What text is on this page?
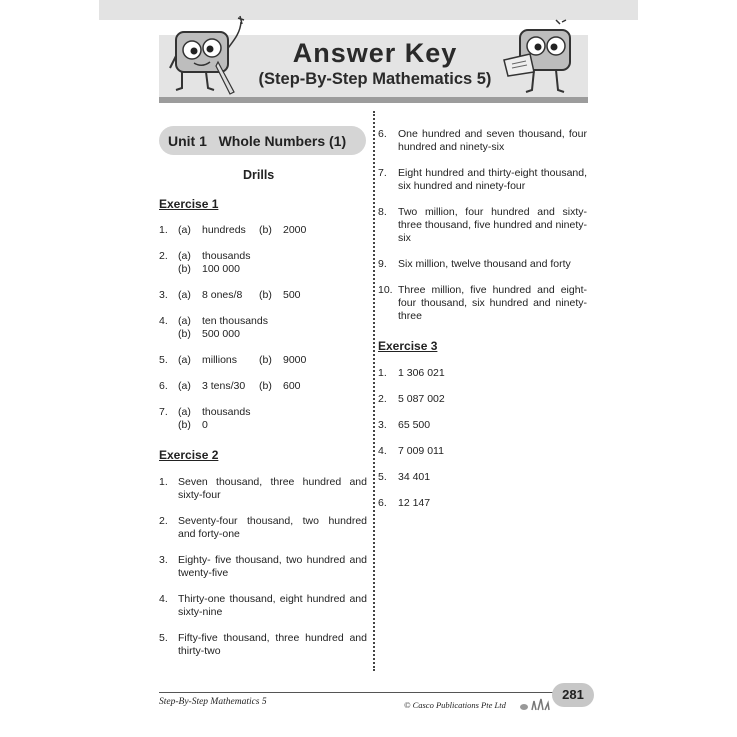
Answer Key
(Step-By-Step Mathematics 5)
Unit 1 Whole Numbers (1)
Drills
Exercise 1
1. (a) hundreds (b) 2000
2. (a) thousands
(b) 100 000
3. (a) 8 ones/8 (b) 500
4. (a) ten thousands
(b) 500 000
5. (a) millions (b) 9000
6. (a) 3 tens/30 (b) 600
7. (a) thousands
(b) 0
Exercise 2
1. Seven thousand, three hundred and sixty-four
2. Seventy-four thousand, two hundred and forty-one
3. Eighty- five thousand, two hundred and twenty-five
4. Thirty-one thousand, eight hundred and sixty-nine
5. Fifty-five thousand, three hundred and thirty-two
6. One hundred and seven thousand, four hundred and ninety-six
7. Eight hundred and thirty-eight thousand, six hundred and ninety-four
8. Two million, four hundred and sixty-three thousand, five hundred and ninety-six
9. Six million, twelve thousand and forty
10. Three million, five hundred and eight-four thousand, six hundred and ninety-three
Exercise 3
1. 1 306 021
2. 5 087 002
3. 65 500
4. 7 009 011
5. 34 401
6. 12 147
Step-By-Step Mathematics 5	© Casco Publications Pte Ltd
281
